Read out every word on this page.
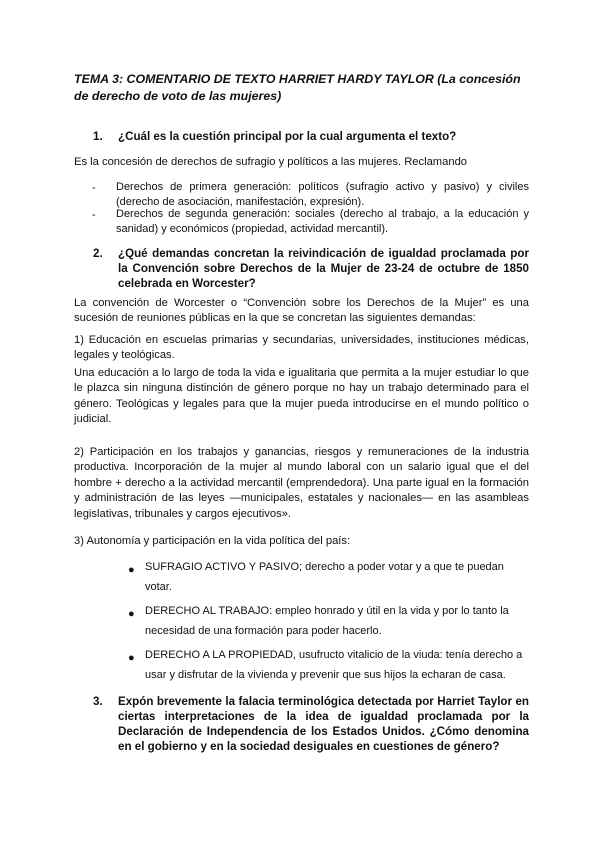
TEMA 3: COMENTARIO DE TEXTO HARRIET HARDY TAYLOR (La concesión de derecho de voto de las mujeres)
1. ¿Cuál es la cuestión principal por la cual argumenta el texto?
Es la concesión de derechos de sufragio y políticos a las mujeres. Reclamando
- Derechos de primera generación: políticos (sufragio activo y pasivo) y civiles (derecho de asociación, manifestación, expresión).
- Derechos de segunda generación: sociales (derecho al trabajo, a la educación y sanidad) y económicos (propiedad, actividad mercantil).
2. ¿Qué demandas concretan la reivindicación de igualdad proclamada por la Convención sobre Derechos de la Mujer de 23-24 de octubre de 1850 celebrada en Worcester?
La convención de Worcester o “Convención sobre los Derechos de la Mujer” es una sucesión de reuniones públicas en la que se concretan las siguientes demandas:
1) Educación en escuelas primarias y secundarias, universidades, instituciones médicas, legales y teológicas.
Una educación a lo largo de toda la vida e igualitaria que permita a la mujer estudiar lo que le plazca sin ninguna distinción de género porque no hay un trabajo determinado para el género. Teológicas y legales para que la mujer pueda introducirse en el mundo político o judicial.
2) Participación en los trabajos y ganancias, riesgos y remuneraciones de la industria productiva. Incorporación de la mujer al mundo laboral con un salario igual que el del hombre + derecho a la actividad mercantil (emprendedora). Una parte igual en la formación y administración de las leyes —municipales, estatales y nacionales— en las asambleas legislativas, tribunales y cargos ejecutivos».
3) Autonomía y participación en la vida política del país:
● SUFRAGIO ACTIVO Y PASIVO; derecho a poder votar y a que te puedan votar.
● DERECHO AL TRABAJO: empleo honrado y útil en la vida y por lo tanto la necesidad de una formación para poder hacerlo.
● DERECHO A LA PROPIEDAD, usufructo vitalicio de la viuda: tenía derecho a usar y disfrutar de la vivienda y prevenir que sus hijos la echaran de casa.
3. Expón brevemente la falacia terminológica detectada por Harriet Taylor en ciertas interpretaciones de la idea de igualdad proclamada por la Declaración de Independencia de los Estados Unidos. ¿Cómo denomina en el gobierno y en la sociedad desiguales en cuestiones de género?
